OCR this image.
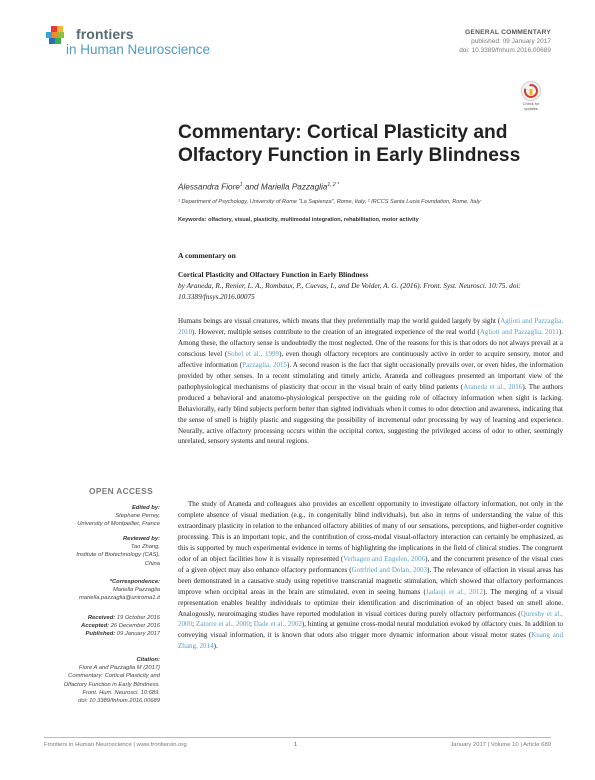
frontiers
in Human Neuroscience
GENERAL COMMENTARY
published: 09 January 2017
doi: 10.3389/fnhum.2016.00689
Check for updates
Commentary: Cortical Plasticity and Olfactory Function in Early Blindness
Alessandra Fiore$^1$ and Mariella Pazzaglia$^{1, 2 *}$
¹ Department of Psychology, University of Rome "La Sapienza", Rome, Italy, ² IRCCS Santa Lucia Foundation, Rome, Italy
Keywords: olfactory, visual, plasticity, multimodal integration, rehabilitation, motor activity
A commentary on
Cortical Plasticity and Olfactory Function in Early Blindness
by Araneda, R., Renier, L. A., Rombaux, P., Cuevas, I., and De Volder, A. G. (2016). Front. Syst. Neurosci. 10:75. doi: 10.3389/fnsys.2016.00075

Humans beings are visual creatures, which means that they preferentially map the world guided largely by sight (Aglioti and Pazzaglia, 2010). However, multiple senses contribute to the creation of an integrated experience of the real world (Aglioti and Pazzaglia, 2011). Among these, the olfactory sense is undoubtedly the most neglected. One of the reasons for this is that odors do not always prevail at a conscious level (Sobel et al., 1999), even though olfactory receptors are continuously active in order to acquire sensory, motor and affective information (Pazzaglia, 2015). A second reason is the fact that sight occasionally prevails over, or even hides, the information provided by other senses. In a recent stimulating and timely article, Araneda and colleagues presented an important view of the pathophysiological mechanisms of plasticity that occur in the visual brain of early blind patients (Araneda et al., 2016). The authors produced a behavioral and anatomo-physiological perspective on the guiding role of olfactory information when sight is lacking. Behaviorally, early blind subjects perform better than sighted individuals when it comes to odor detection and awareness, indicating that the sense of smell is highly plastic and suggesting the possibility of incremental odor processing by way of learning and experience. Neurally, active olfactory processing occurs within the occipital cortex, suggesting the privileged access of odor to other, seemingly unrelated, sensory systems and neural regions.

The study of Araneda and colleagues also provides an excellent opportunity to investigate olfactory information, not only in the complete absence of visual mediation (e.g., in congenitally blind individuals), but also in terms of understanding the value of this extraordinary plasticity in relation to the enhanced olfactory abilities of many of our sensations, perceptions, and higher-order cognitive processing. This is an important topic, and the contribution of cross-modal visual-olfactory interaction can certainly be emphasized, as this is supported by much experimental evidence in terms of highlighting the implications in the field of clinical studies. The congruent odor of an object facilities how it is visually represented (Verhagen and Engelen, 2006), and the concurrent presence of the visual cues of a given object may also enhance olfactory performances (Gottfried and Dolan, 2003). The relevance of olfaction in visual areas has been demonstrated in a causative study using repetitive transcranial magnetic stimulation, which showed that olfactory performances improve when occipital areas in the brain are stimulated, even in seeing humans (Jadauji et al., 2012). The merging of a visual representation enables healthy individuals to optimize their identification and discrimination of an object based on smell alone. Analogously, neuroimaging studies have reported modulation in visual cortices during purely olfactory performances (Qureshy et al., 2000; Zatorre et al., 2000; Dade et al., 2002), hinting at genuine cross-modal neural modulation evoked by olfactory cues. In addition to conveying visual information, it is known that odors also trigger more dynamic information about visual motor states (Kuang and Zhang, 2014).

OPEN ACCESS
Edited by:
Stephane Perrey,
University of Montpellier, France
Reviewed by:
Tao Zhang,
Institute of Biotechnology (CAS),
China
*Correspondence:
Mariella Pazzaglia
mariella.pazzaglia@uniroma1.it
Received: 19 October 2016
Accepted: 26 December 2016
Published: 09 January 2017
Citation:
Fiore A and Pazzaglia M (2017)
Commentary: Cortical Plasticity and
Olfactory Function in Early Blindness.
Front. Hum. Neurosci. 10:689.
doi: 10.3389/fnhum.2016.00689
Frontiers in Human Neuroscience | www.frontiersin.org	1	January 2017 | Volume 10 | Article 689
